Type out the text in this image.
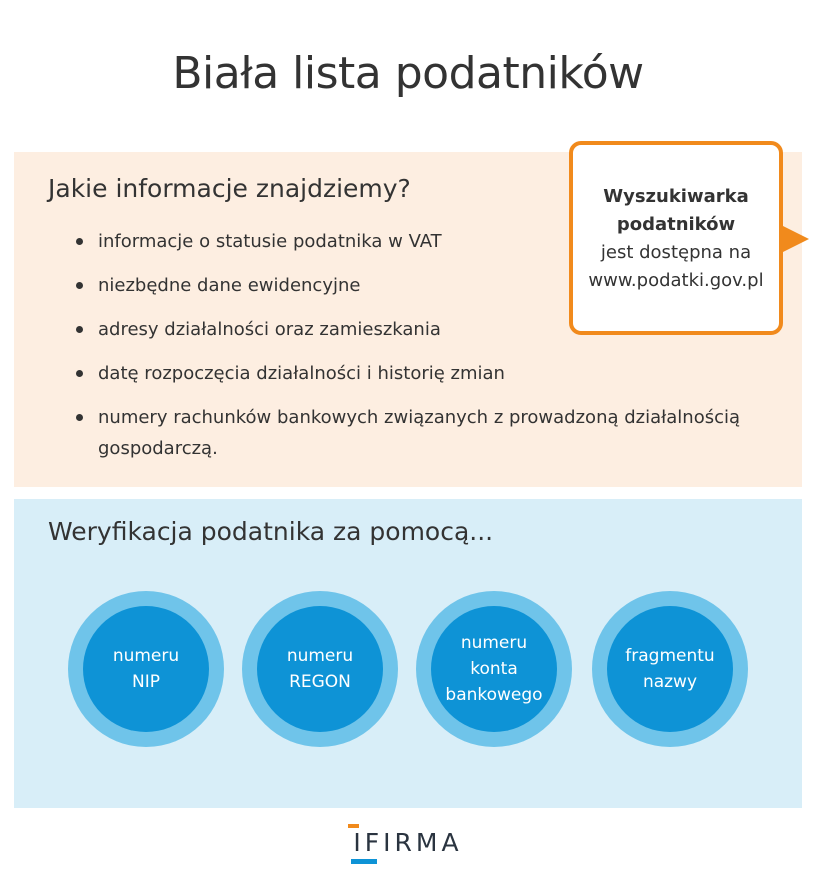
Biała lista podatników
Jakie informacje znajdziemy?
informacje o statusie podatnika w VAT
niezbędne dane ewidencyjne
adresy działalności oraz zamieszkania
datę rozpoczęcia działalności i historię zmian
numery rachunków bankowych związanych z prowadzoną działalnością gospodarczą.
Wyszukiwarka
podatników
jest dostępna na
www.podatki.gov.pl
Weryfikacja podatnika za pomocą...
numeru
NIP
numeru
REGON
numeru
konta
bankowego
fragmentu
nazwy
IFIRMA
